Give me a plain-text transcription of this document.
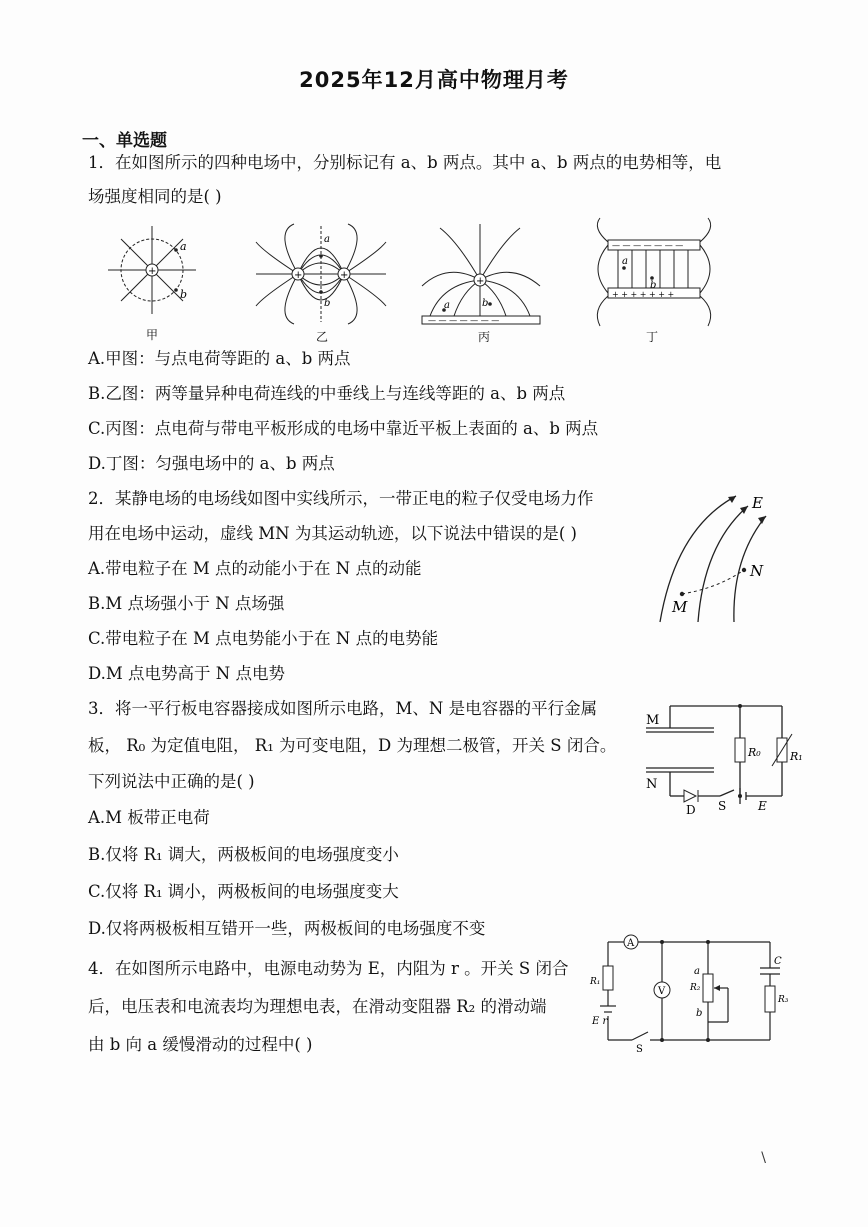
2025年12月高中物理月考
一、单选题
1．在如图所示的四种电场中，分别标记有 a、b 两点。其中 a、b 两点的电势相等，电
场强度相同的是( )
+
a
b
甲
+	+
a
b
乙
+
— — — — — — —
a	b
丙
— — — — — — —
+ + + + + + +
a
b
丁
A.甲图：与点电荷等距的 a、b 两点
B.乙图：两等量异种电荷连线的中垂线上与连线等距的 a、b 两点
C.丙图：点电荷与带电平板形成的电场中靠近平板上表面的 a、b 两点
D.丁图：匀强电场中的 a、b 两点
2．某静电场的电场线如图中实线所示，一带正电的粒子仅受电场力作
用在电场中运动，虚线 MN 为其运动轨迹，以下说法中错误的是( )
A.带电粒子在 M 点的动能小于在 N 点的动能
B.M 点场强小于 N 点场强
C.带电粒子在 M 点电势能小于在 N 点的电势能
D.M 点电势高于 N 点电势
E
N
M
3．将一平行板电容器接成如图所示电路，M、N 是电容器的平行金属
板， R₀ 为定值电阻， R₁ 为可变电阻，D 为理想二极管，开关 S 闭合。
下列说法中正确的是( )
A.M 板带正电荷
B.仅将 R₁ 调大，两极板间的电场强度变小
C.仅将 R₁ 调小，两极板间的电场强度变大
D.仅将两极板相互错开一些，两极板间的电场强度不变
M
N
R₀	R₁
D S	E
4．在如图所示电路中，电源电动势为 E，内阻为 r 。开关 S 闭合
后，电压表和电流表均为理想电表，在滑动变阻器 R₂ 的滑动端
由 b 向 a 缓慢滑动的过程中( )
A
V
R₁
R₂
R₃
C
a
b
E r
S
\
